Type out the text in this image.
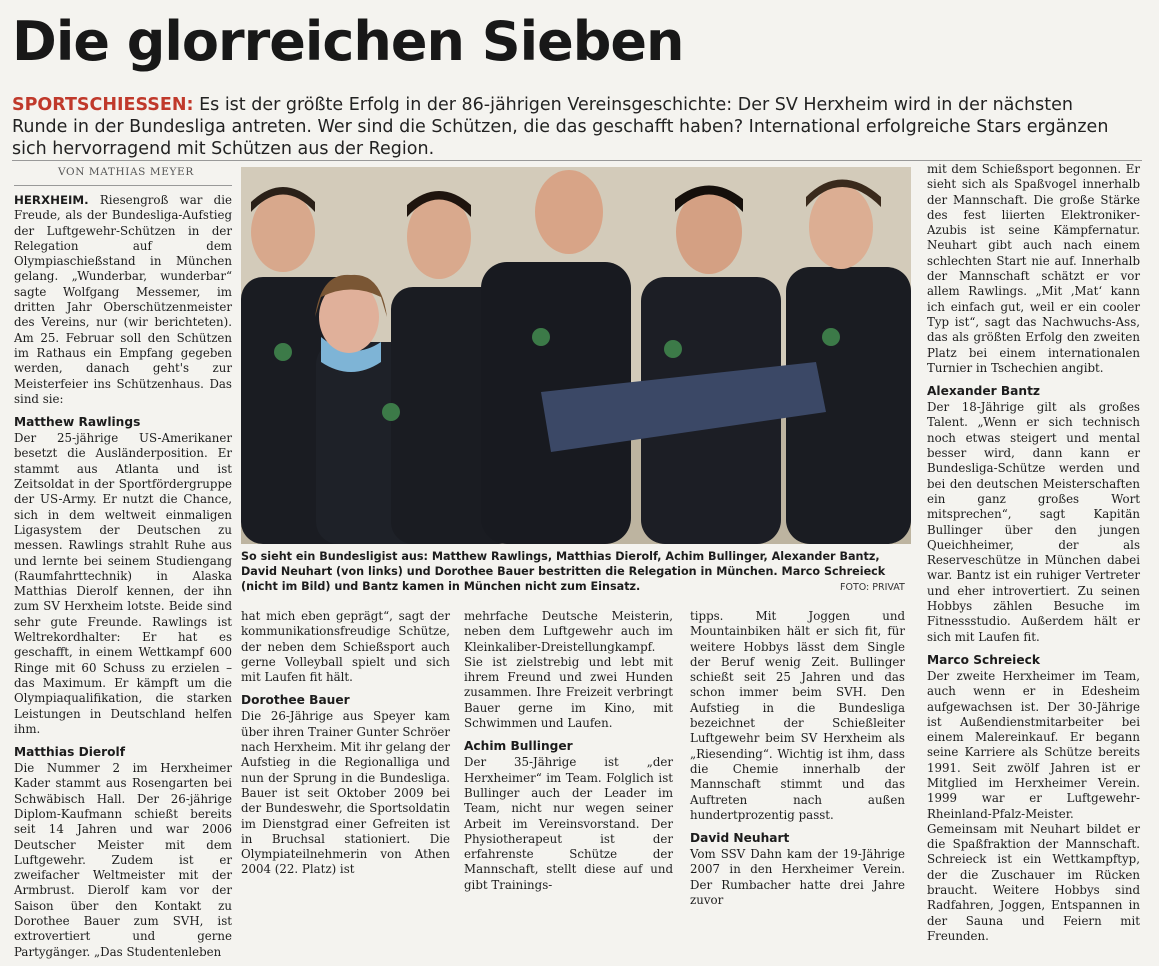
Die glorreichen Sieben
SPORTSCHIESSEN: Es ist der größte Erfolg in der 86-jährigen Vereinsgeschichte: Der SV Herxheim wird in der nächsten Runde in der Bundesliga antreten. Wer sind die Schützen, die das geschafft haben? International erfolgreiche Stars ergänzen sich hervorragend mit Schützen aus der Region.
VON MATHIAS MEYER

HERXHEIM. Riesengroß war die Freude, als der Bundesliga-Aufstieg der Luftgewehr-Schützen in der Relegation auf dem Olympiaschießstand in München gelang. „Wunderbar, wunderbar“ sagte Wolfgang Messemer, im dritten Jahr Oberschützenmeister des Vereins, nur (wir berichteten). Am 25. Februar soll den Schützen im Rathaus ein Empfang gegeben werden, danach geht's zur Meisterfeier ins Schützenhaus. Das sind sie:

Matthew Rawlings

Der 25-jährige US-Amerikaner besetzt die Ausländerposition. Er stammt aus Atlanta und ist Zeitsoldat in der Sportfördergruppe der US-Army. Er nutzt die Chance, sich in dem weltweit einmaligen Ligasystem der Deutschen zu messen. Rawlings strahlt Ruhe aus und lernte bei seinem Studiengang (Raumfahrttechnik) in Alaska Matthias Dierolf kennen, der ihn zum SV Herxheim lotste. Beide sind sehr gute Freunde. Rawlings ist Weltrekordhalter: Er hat es geschafft, in einem Wettkampf 600 Ringe mit 60 Schuss zu erzielen – das Maximum. Er kämpft um die Olympiaqualifikation, die starken Leistungen in Deutschland helfen ihm.

Matthias Dierolf

Die Nummer 2 im Herxheimer Kader stammt aus Rosengarten bei Schwäbisch Hall. Der 26-jährige Diplom-Kaufmann schießt bereits seit 14 Jahren und war 2006 Deutscher Meister mit dem Luftgewehr. Zudem ist er zweifacher Weltmeister mit der Armbrust. Dierolf kam vor der Saison über den Kontakt zu Dorothee Bauer zum SVH, ist extrovertiert und gerne Partygänger. „Das Studentenleben

So sieht ein Bundesligist aus: Matthew Rawlings, Matthias Dierolf, Achim Bullinger, Alexander Bantz, David Neuhart (von links) und Dorothee Bauer bestritten die Relegation in München. Marco Schreieck (nicht im Bild) und Bantz kamen in München nicht zum Einsatz.	FOTO: PRIVAT

hat mich eben geprägt“, sagt der kommunikationsfreudige Schütze, der neben dem Schießsport auch gerne Volleyball spielt und sich mit Laufen fit hält.

Dorothee Bauer

Die 26-Jährige aus Speyer kam über ihren Trainer Gunter Schröer nach Herxheim. Mit ihr gelang der Aufstieg in die Regionalliga und nun der Sprung in die Bundesliga. Bauer ist seit Oktober 2009 bei der Bundeswehr, die Sportsoldatin im Dienstgrad einer Gefreiten ist in Bruchsal stationiert. Die Olympiateilnehmerin von Athen 2004 (22. Platz) ist

mehrfache Deutsche Meisterin, neben dem Luftgewehr auch im Kleinkaliber-Dreistellungkampf. Sie ist zielstrebig und lebt mit ihrem Freund und zwei Hunden zusammen. Ihre Freizeit verbringt Bauer gerne im Kino, mit Schwimmen und Laufen.

Achim Bullinger

Der 35-Jährige ist „der Herxheimer“ im Team. Folglich ist Bullinger auch der Leader im Team, nicht nur wegen seiner Arbeit im Vereinsvorstand. Der Physiotherapeut ist der erfahrenste Schütze der Mannschaft, stellt diese auf und gibt Trainings-

tipps. Mit Joggen und Mountainbiken hält er sich fit, für weitere Hobbys lässt dem Single der Beruf wenig Zeit. Bullinger schießt seit 25 Jahren und das schon immer beim SVH. Den Aufstieg in die Bundesliga bezeichnet der Schießleiter Luftgewehr beim SV Herxheim als „Riesending“. Wichtig ist ihm, dass die Chemie innerhalb der Mannschaft stimmt und das Auftreten nach außen hundertprozentig passt.

David Neuhart

Vom SSV Dahn kam der 19-Jährige 2007 in den Herxheimer Verein. Der Rumbacher hatte drei Jahre zuvor

mit dem Schießsport begonnen. Er sieht sich als Spaßvogel innerhalb der Mannschaft. Die große Stärke des fest liierten Elektroniker-Azubis ist seine Kämpfernatur. Neuhart gibt auch nach einem schlechten Start nie auf. Innerhalb der Mannschaft schätzt er vor allem Rawlings. „Mit ‚Mat‘ kann ich einfach gut, weil er ein cooler Typ ist“, sagt das Nachwuchs-Ass, das als größten Erfolg den zweiten Platz bei einem internationalen Turnier in Tschechien angibt.

Alexander Bantz

Der 18-Jährige gilt als großes Talent. „Wenn er sich technisch noch etwas steigert und mental besser wird, dann kann er Bundesliga-Schütze werden und bei den deutschen Meisterschaften ein ganz großes Wort mitsprechen“, sagt Kapitän Bullinger über den jungen Queichheimer, der als Reserveschütze in München dabei war. Bantz ist ein ruhiger Vertreter und eher introvertiert. Zu seinen Hobbys zählen Besuche im Fitnessstudio. Außerdem hält er sich mit Laufen fit.

Marco Schreieck

Der zweite Herxheimer im Team, auch wenn er in Edesheim aufgewachsen ist. Der 30-Jährige ist Außendienstmitarbeiter bei einem Malereinkauf. Er begann seine Karriere als Schütze bereits 1991. Seit zwölf Jahren ist er Mitglied im Herxheimer Verein. 1999 war er Luftgewehr-Rheinland-Pfalz-Meister. Gemeinsam mit Neuhart bildet er die Spaßfraktion der Mannschaft. Schreieck ist ein Wettkampftyp, der die Zuschauer im Rücken braucht. Weitere Hobbys sind Radfahren, Joggen, Entspannen in der Sauna und Feiern mit Freunden.
